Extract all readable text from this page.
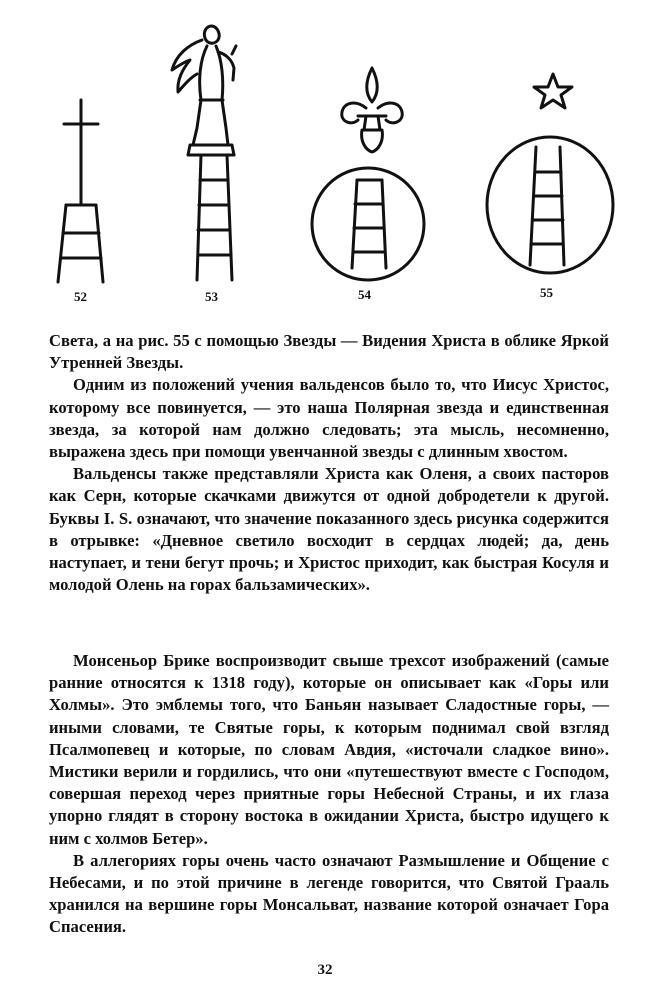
52	53	54	55

Света, а на рис. 55 с помощью Звезды — Видения Христа в облике Яркой Утренней Звезды.

Одним из положений учения вальденсов было то, что Иисус Христос, которому все повинуется, — это наша Полярная звезда и единственная звезда, за которой нам должно следовать; эта мысль, несомненно, выражена здесь при помощи увенчанной звезды с длинным хвостом.

Вальденсы также представляли Христа как Оленя, а своих пасторов как Серн, которые скачками движутся от одной добродетели к другой. Буквы I. S. означают, что значение показанного здесь рисунка содержится в отрывке: «Дневное светило восходит в сердцах людей; да, день наступает, и тени бегут прочь; и Христос приходит, как быстрая Косуля и молодой Олень на горах бальзамических».

Монсеньор Брике воспроизводит свыше трехсот изображений (самые ранние относятся к 1318 году), которые он описывает как «Горы или Холмы». Это эмблемы того, что Баньян называет Сладостные горы, — иными словами, те Святые горы, к которым поднимал свой взгляд Псалмопевец и которые, по словам Авдия, «источали сладкое вино». Мистики верили и гордились, что они «путешествуют вместе с Господом, совершая переход через приятные горы Небесной Страны, и их глаза упорно глядят в сторону востока в ожидании Христа, быстро идущего к ним с холмов Бетер».

В аллегориях горы очень часто означают Размышление и Общение с Небесами, и по этой причине в легенде говорится, что Святой Грааль хранился на вершине горы Монсальват, название которой означает Гора Спасения.

32
